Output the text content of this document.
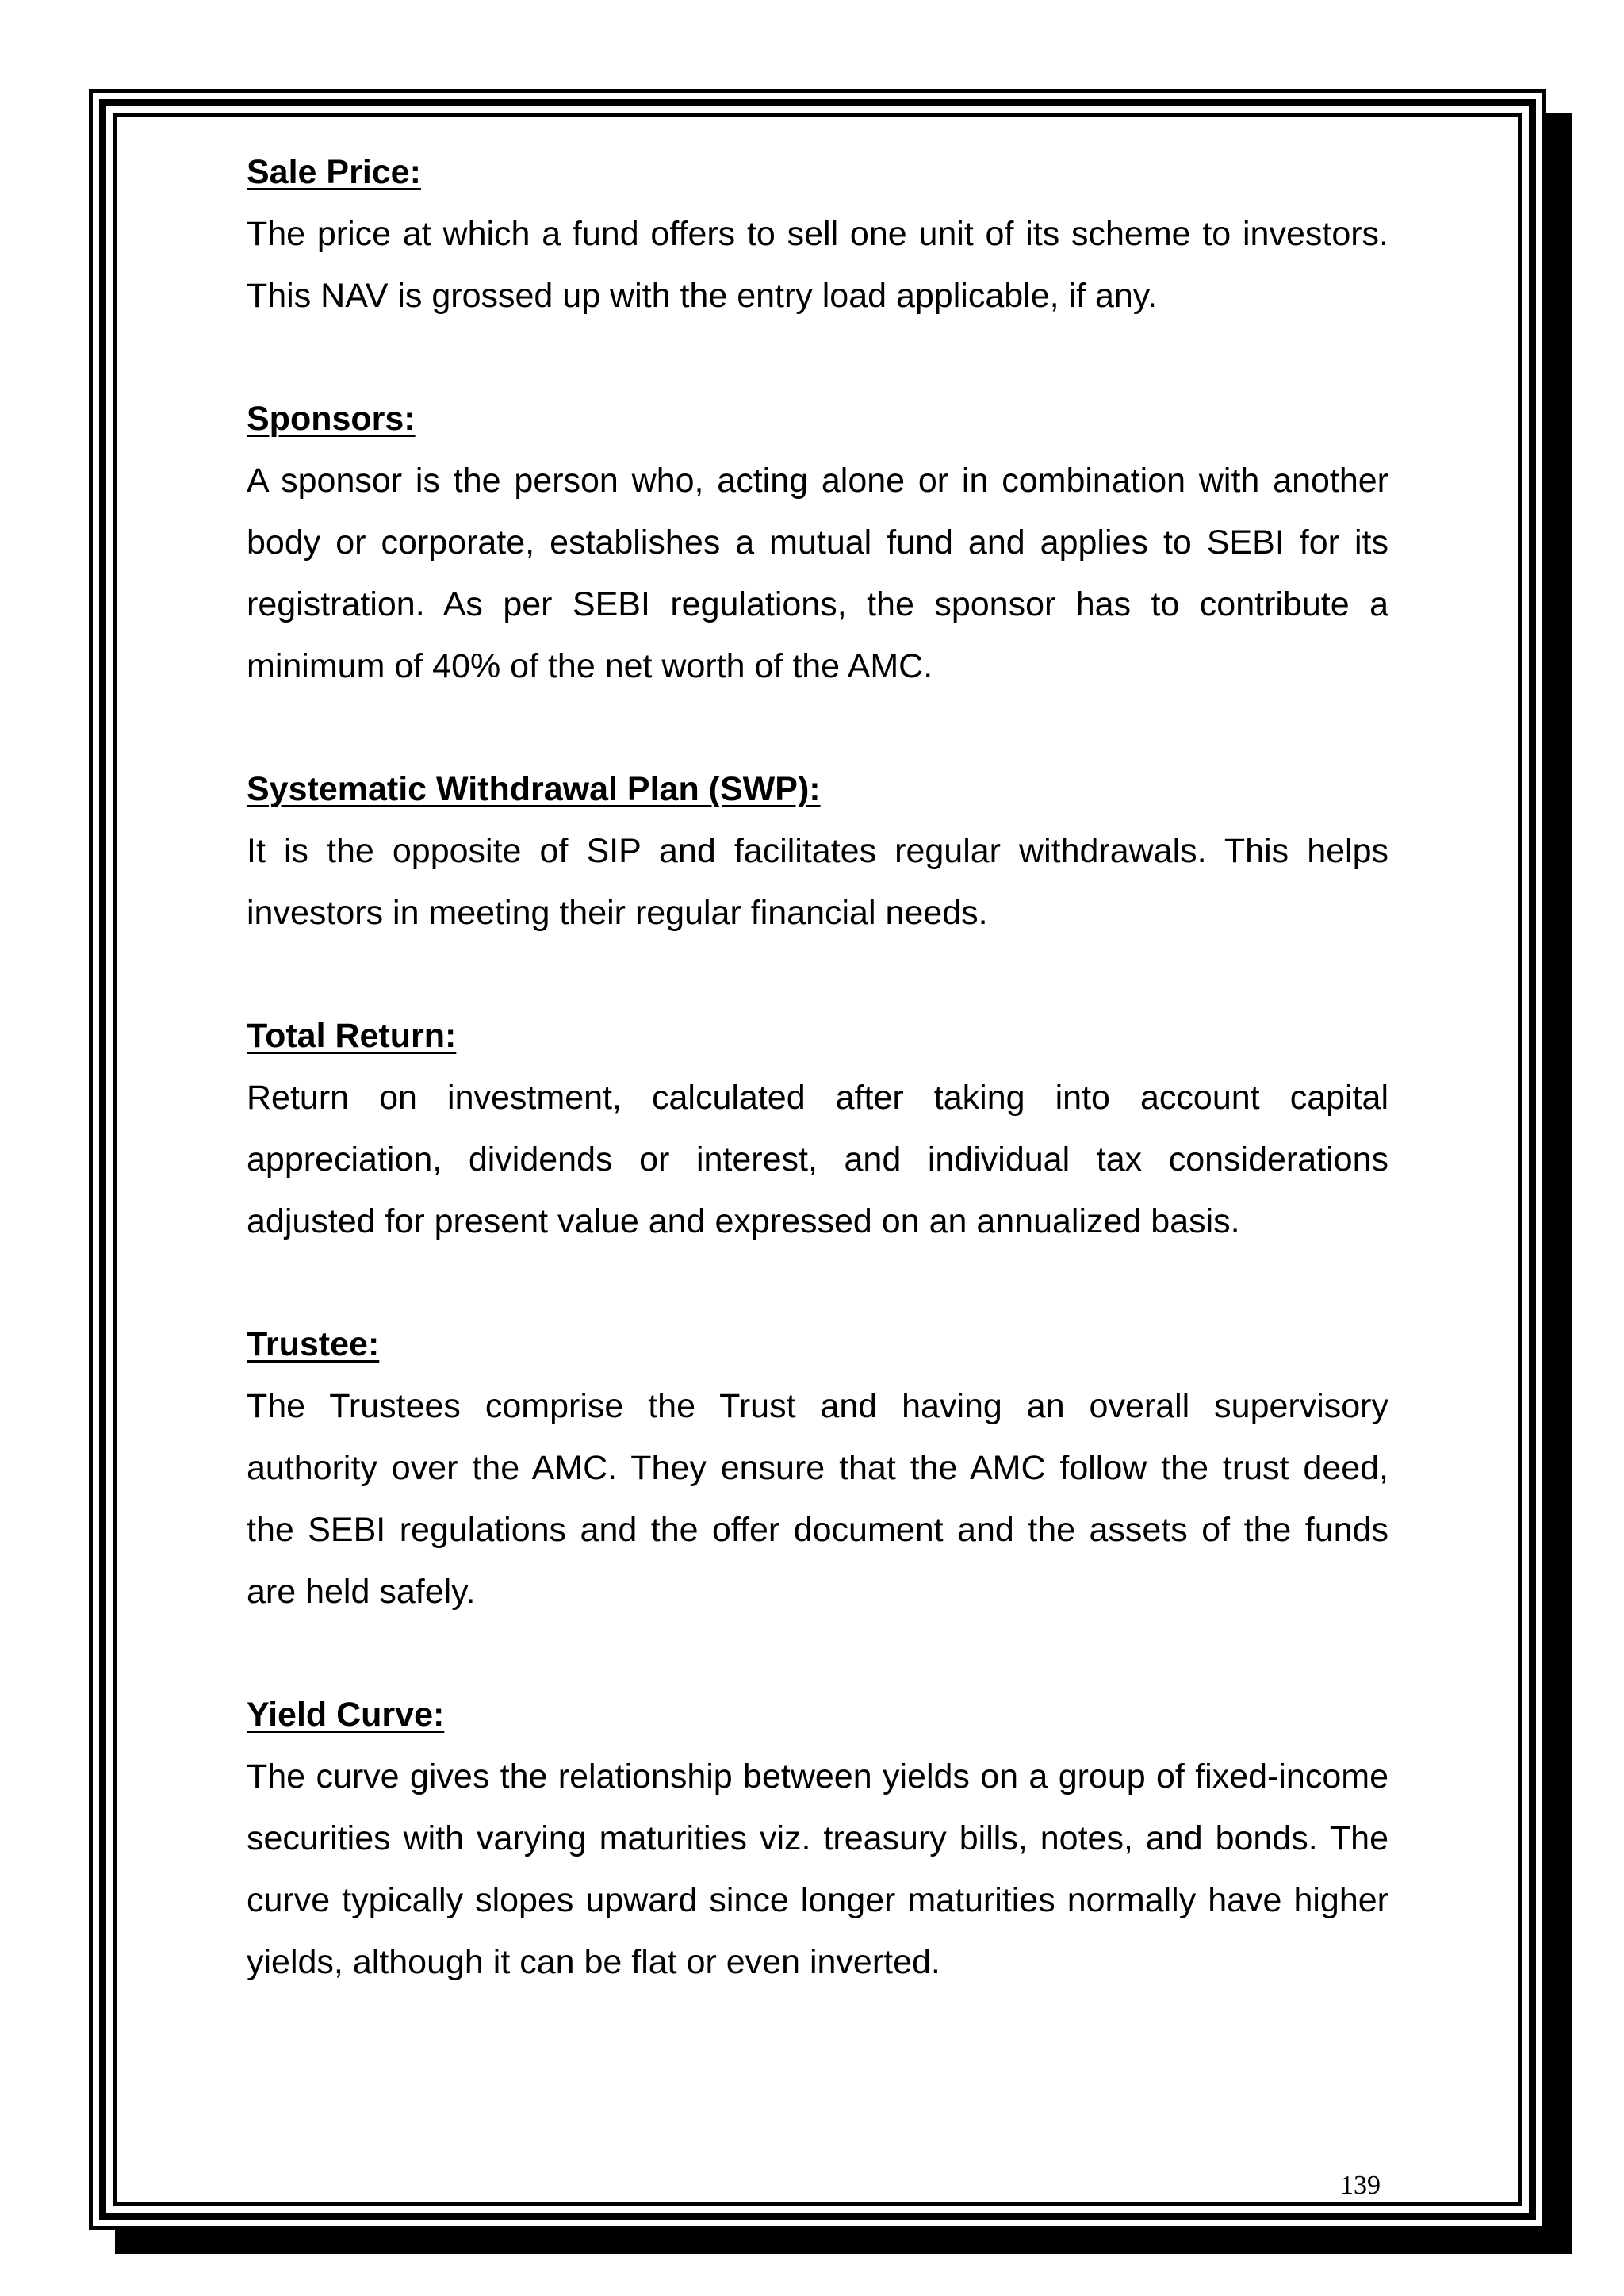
Sale Price:

The price at which a fund offers to sell one unit of its scheme to investors. This NAV is grossed up with the entry load applicable, if any.

Sponsors:

A sponsor is the person who, acting alone or in combination with another body or corporate, establishes a mutual fund and applies to SEBI for its registration. As per SEBI regulations, the sponsor has to contribute a minimum of 40% of the net worth of the AMC.

Systematic Withdrawal Plan (SWP):

It is the opposite of SIP and facilitates regular withdrawals. This helps investors in meeting their regular financial needs.

Total Return:

Return on investment, calculated after taking into account capital appreciation, dividends or interest, and individual tax considerations adjusted for present value and expressed on an annualized basis.

Trustee:

The Trustees comprise the Trust and having an overall supervisory authority over the AMC. They ensure that the AMC follow the trust deed, the SEBI regulations and the offer document and the assets of the funds are held safely.

Yield Curve:

The curve gives the relationship between yields on a group of fixed-income securities with varying maturities viz. treasury bills, notes, and bonds. The curve typically slopes upward since longer maturities normally have higher yields, although it can be flat or even inverted.

139
